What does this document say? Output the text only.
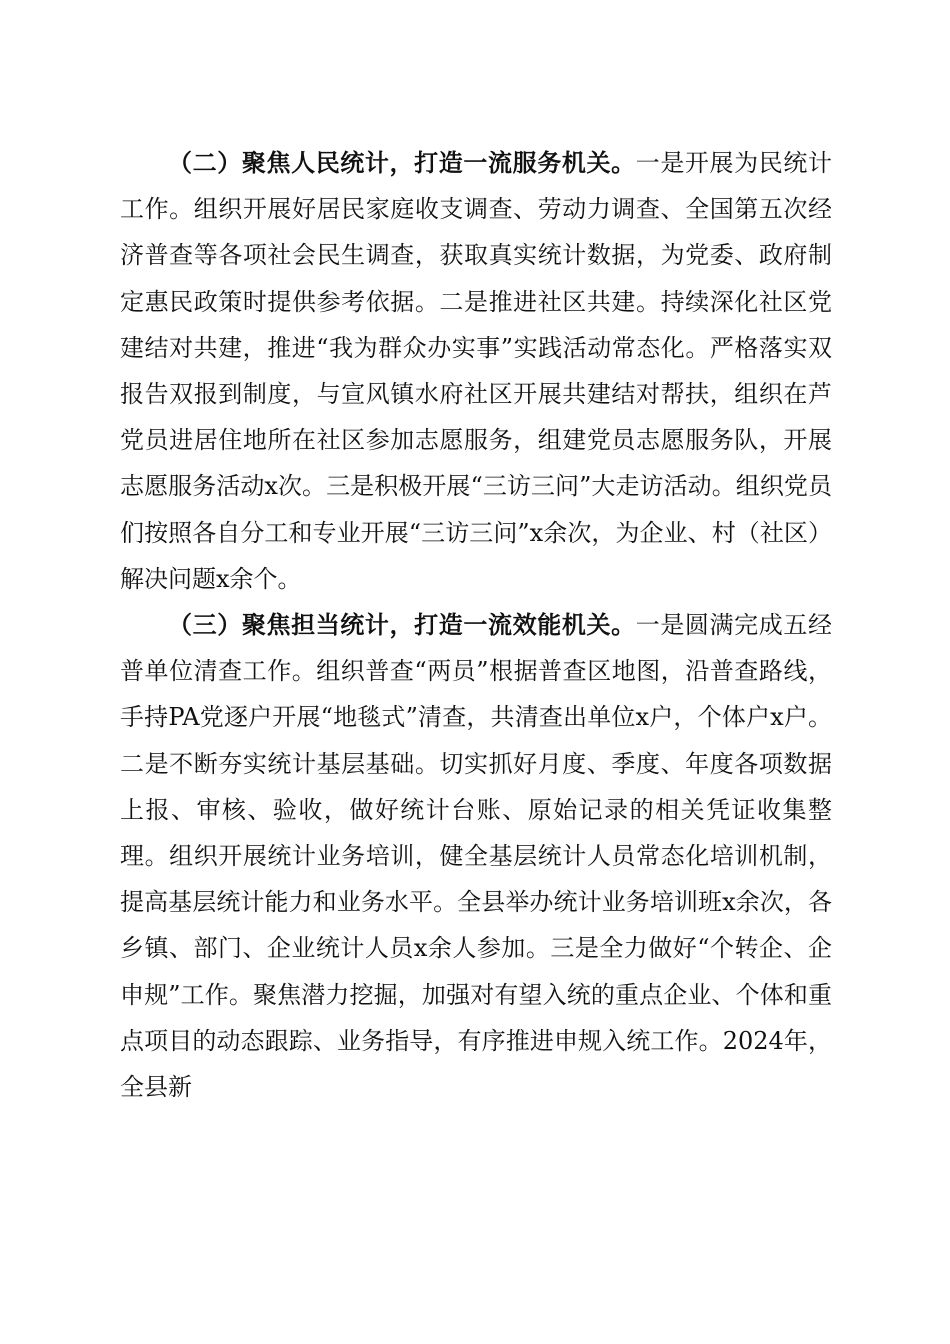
（二）聚焦人民统计，打造一流服务机关。一是开展为民统计工作。组织开展好居民家庭收支调查、劳动力调查、全国第五次经济普查等各项社会民生调查，获取真实统计数据，为党委、政府制定惠民政策时提供参考依据。二是推进社区共建。持续深化社区党建结对共建，推进“我为群众办实事”实践活动常态化。严格落实双报告双报到制度，与宣风镇水府社区开展共建结对帮扶，组织在芦党员进居住地所在社区参加志愿服务，组建党员志愿服务队，开展志愿服务活动x次。三是积极开展“三访三问”大走访活动。组织党员们按照各自分工和专业开展“三访三问”x余次，为企业、村（社区）解决问题x余个。

（三）聚焦担当统计，打造一流效能机关。一是圆满完成五经普单位清查工作。组织普查“两员”根据普查区地图，沿普查路线，手持PA党逐户开展“地毯式”清查，共清查出单位x户，个体户x户。二是不断夯实统计基层基础。切实抓好月度、季度、年度各项数据上报、审核、验收，做好统计台账、原始记录的相关凭证收集整理。组织开展统计业务培训，健全基层统计人员常态化培训机制，提高基层统计能力和业务水平。全县举办统计业务培训班x余次，各乡镇、部门、企业统计人员x余人参加。三是全力做好“个转企、企申规”工作。聚焦潜力挖掘，加强对有望入统的重点企业、个体和重点项目的动态跟踪、业务指导，有序推进申规入统工作。2024年，全县新
